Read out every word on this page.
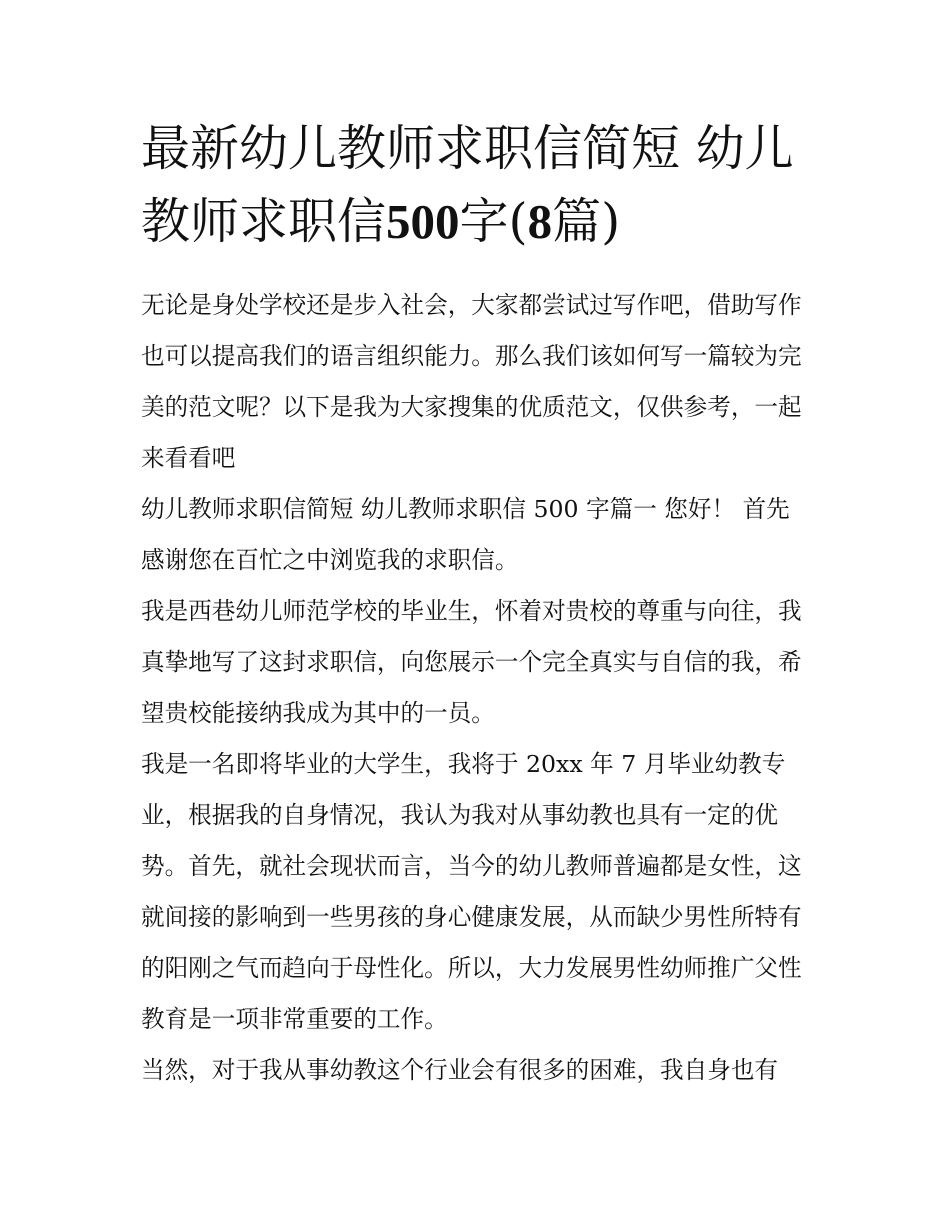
最新幼儿教师求职信简短 幼儿教师求职信500字(8篇)

无论是身处学校还是步入社会，大家都尝试过写作吧，借助写作也可以提高我们的语言组织能力。那么我们该如何写一篇较为完美的范文呢？以下是我为大家搜集的优质范文，仅供参考，一起来看看吧

幼儿教师求职信简短 幼儿教师求职信 500 字篇一 您好！ 首先感谢您在百忙之中浏览我的求职信。

我是西巷幼儿师范学校的毕业生，怀着对贵校的尊重与向往，我真挚地写了这封求职信，向您展示一个完全真实与自信的我，希望贵校能接纳我成为其中的一员。

我是一名即将毕业的大学生，我将于 20xx 年 7 月毕业幼教专业，根据我的自身情况，我认为我对从事幼教也具有一定的优势。首先，就社会现状而言，当今的幼儿教师普遍都是女性，这就间接的影响到一些男孩的身心健康发展，从而缺少男性所特有的阳刚之气而趋向于母性化。所以，大力发展男性幼师推广父性教育是一项非常重要的工作。

当然，对于我从事幼教这个行业会有很多的困难，我自身也有
